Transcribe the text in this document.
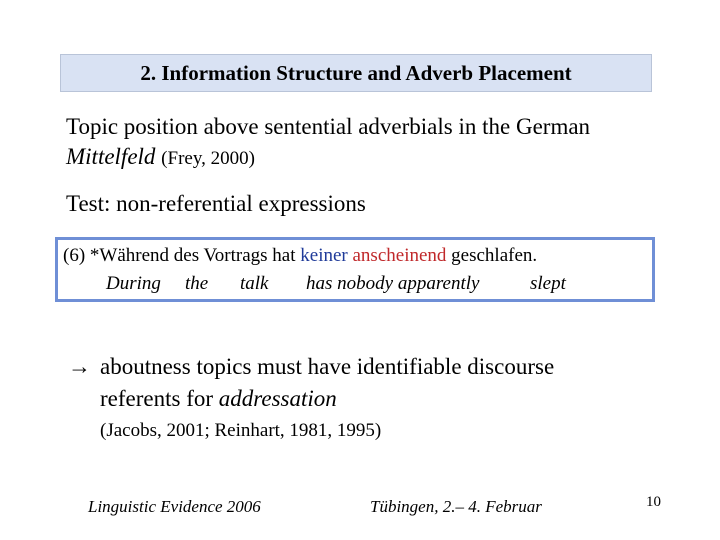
2. Information Structure and Adverb Placement
Topic position above sentential adverbials in the German
Mittelfeld (Frey, 2000)
Test: non-referential expressions
(6) *Während des Vortrags hat keiner anscheinend geschlafen.
During the talk has nobody apparently	slept
→ aboutness topics must have identifiable discourse
referents for addressation
(Jacobs, 2001; Reinhart, 1981, 1995)
Linguistic Evidence 2006	Tübingen, 2.– 4. Februar	10
